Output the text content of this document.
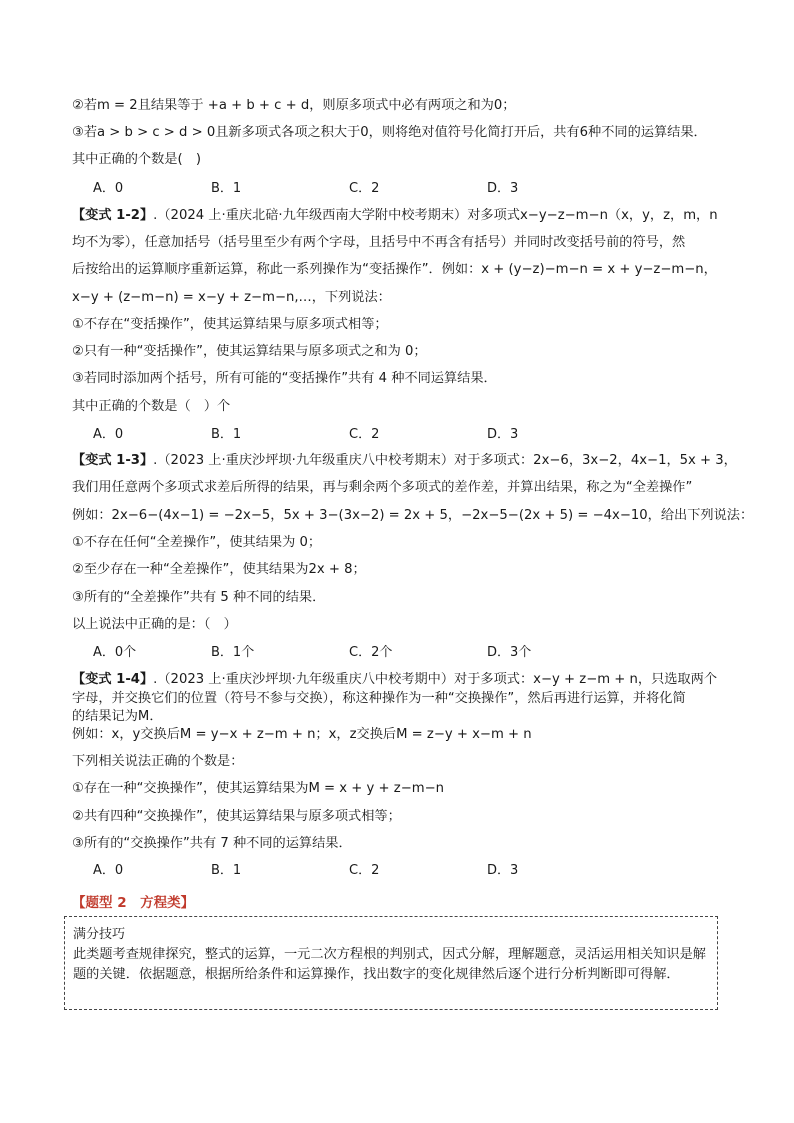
②若m = 2且结果等于 +a + b + c + d，则原多项式中必有两项之和为0；
③若a > b > c > d > 0且新多项式各项之积大于0，则将绝对值符号化简打开后，共有6种不同的运算结果．
其中正确的个数是(　)
A．0	B．1	C．2	D．3
【变式 1-2】.（2024 上·重庆北碚·九年级西南大学附中校考期末）对多项式x−y−z−m−n（x，y，z，m，n
均不为零），任意加括号（括号里至少有两个字母，且括号中不再含有括号）并同时改变括号前的符号，然
后按给出的运算顺序重新运算，称此一系列操作为“变括操作”．例如：x + (y−z)−m−n = x + y−z−m−n，
x−y + (z−m−n) = x−y + z−m−n,…，下列说法：
①不存在“变括操作”，使其运算结果与原多项式相等；
②只有一种“变括操作”，使其运算结果与原多项式之和为 0；
③若同时添加两个括号，所有可能的“变括操作”共有 4 种不同运算结果．
其中正确的个数是（　）个
A．0	B．1	C．2	D．3
【变式 1-3】.（2023 上·重庆沙坪坝·九年级重庆八中校考期末）对于多项式：2x−6，3x−2，4x−1，5x + 3，
我们用任意两个多项式求差后所得的结果，再与剩余两个多项式的差作差，并算出结果，称之为“全差操作”
例如：2x−6−(4x−1) = −2x−5，5x + 3−(3x−2) = 2x + 5，−2x−5−(2x + 5) = −4x−10，给出下列说法：
①不存在任何“全差操作”，使其结果为 0；
②至少存在一种“全差操作”，使其结果为2x + 8；
③所有的“全差操作”共有 5 种不同的结果．
以上说法中正确的是：（　）
A．0个	B．1个	C．2个	D．3个
【变式 1-4】.（2023 上·重庆沙坪坝·九年级重庆八中校考期中）对于多项式：x−y + z−m + n，只选取两个
字母，并交换它们的位置（符号不参与交换），称这种操作为一种“交换操作”，然后再进行运算，并将化简
的结果记为M．
例如：x，y交换后M = y−x + z−m + n；x，z交换后M = z−y + x−m + n
下列相关说法正确的个数是：
①存在一种“交换操作”，使其运算结果为M = x + y + z−m−n
②共有四种“交换操作”，使其运算结果与原多项式相等；
③所有的“交换操作”共有 7 种不同的运算结果．
A．0	B．1	C．2	D．3
【题型 2　方程类】
满分技巧
此类题考查规律探究，整式的运算，一元二次方程根的判别式，因式分解，理解题意，灵活运用相关知识是解题的关键．依据题意，根据所给条件和运算操作，找出数字的变化规律然后逐个进行分析判断即可得解．
